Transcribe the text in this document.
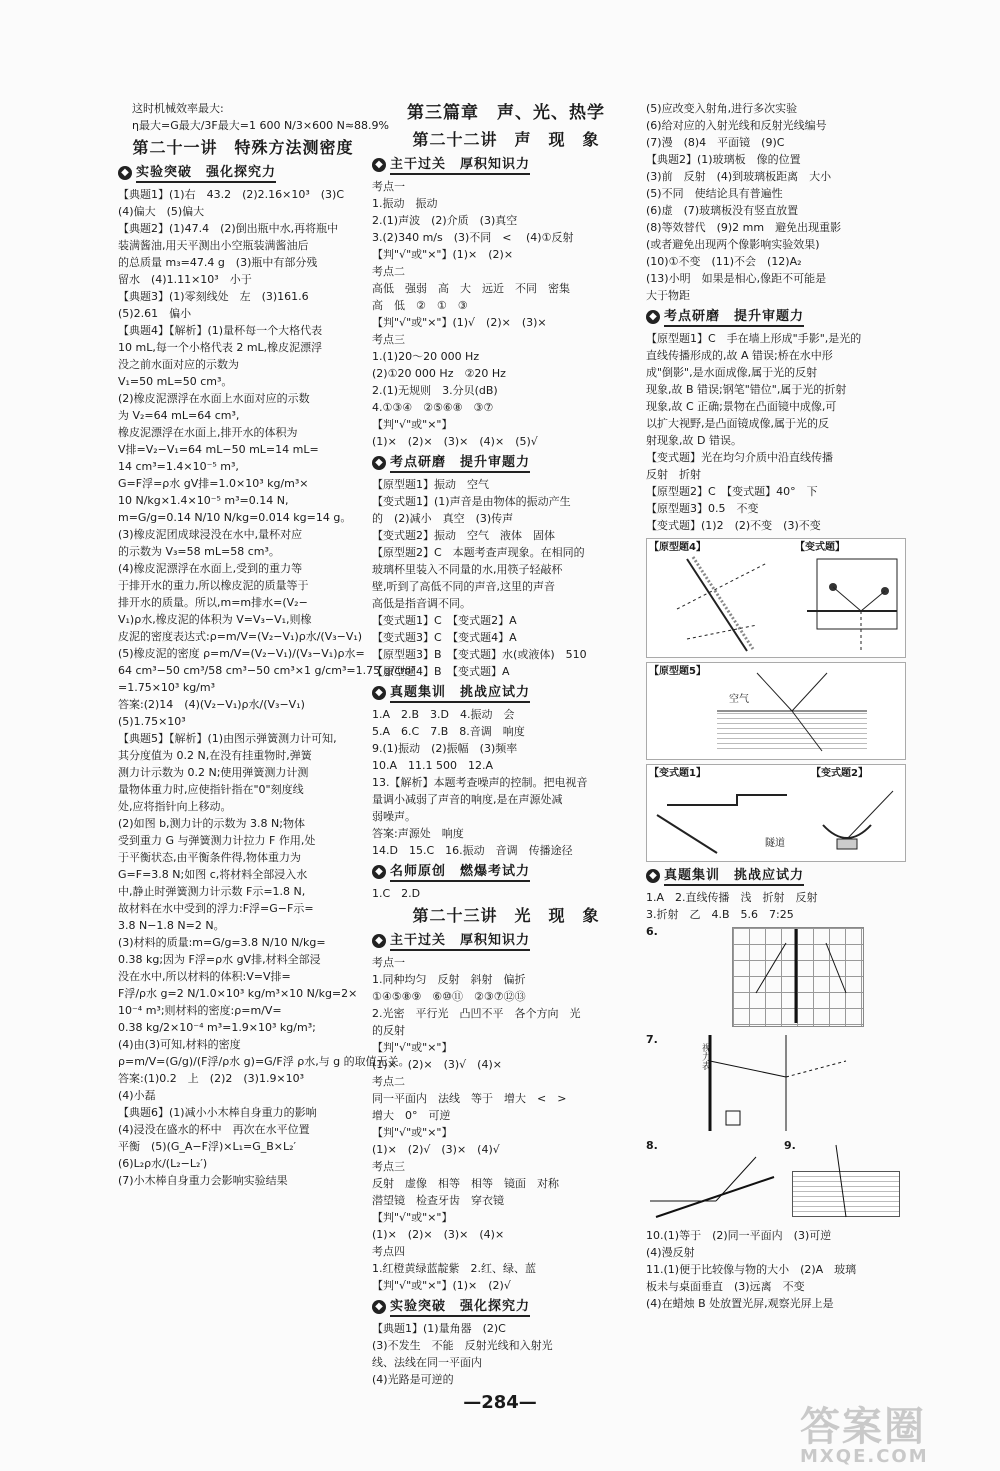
这时机械效率最大:
η最大=G最大/3F最大=1 600 N/3×600 N≈88.9%
第二十一讲　特殊方法测密度
◆ 实验突破　强化探究力
【典题1】(1)右　43.2　(2)2.16×10³　(3)C
(4)偏大　(5)偏大
【典题2】(1)47.4　(2)倒出瓶中水,再将瓶中
装满酱油,用天平测出小空瓶装满酱油后
的总质量 m₃=47.4 g　(3)瓶中有部分残
留水　(4)1.11×10³　小于
【典题3】(1)零刻线处　左　(3)161.6
(5)2.61　偏小
【典题4】【解析】(1)量杯每一个大格代表
10 mL,每一个小格代表 2 mL,橡皮泥漂浮
没之前水面对应的示数为
V₁=50 mL=50 cm³。
(2)橡皮泥漂浮在水面上水面对应的示数
为 V₂=64 mL=64 cm³,
橡皮泥漂浮在水面上,排开水的体积为
V排=V₂−V₁=64 mL−50 mL=14 mL=
14 cm³=1.4×10⁻⁵ m³,
G=F浮=ρ水 gV排=1.0×10³ kg/m³×
10 N/kg×1.4×10⁻⁵ m³=0.14 N,
m=G/g=0.14 N/10 N/kg=0.014 kg=14 g。
(3)橡皮泥团成球浸没在水中,量杯对应
的示数为 V₃=58 mL=58 cm³。
(4)橡皮泥漂浮在水面上,受到的重力等
于排开水的重力,所以橡皮泥的质量等于
排开水的质量。所以,m=m排水=(V₂−
V₁)ρ水,橡皮泥的体积为 V=V₃−V₁,则橡
皮泥的密度表达式:ρ=m/V=(V₂−V₁)ρ水/(V₃−V₁)
(5)橡皮泥的密度 ρ=m/V=(V₂−V₁)/(V₃−V₁)ρ水=
64 cm³−50 cm³/58 cm³−50 cm³×1 g/cm³=1.75 g/cm³
=1.75×10³ kg/m³
答案:(2)14　(4)(V₂−V₁)ρ水/(V₃−V₁)
(5)1.75×10³
【典题5】【解析】(1)由图示弹簧测力计可知,
其分度值为 0.2 N,在没有挂重物时,弹簧
测力计示数为 0.2 N;使用弹簧测力计测
量物体重力时,应使指针指在"0"刻度线
处,应将指针向上移动。
(2)如图 b,测力计的示数为 3.8 N;物体
受到重力 G 与弹簧测力计拉力 F 作用,处
于平衡状态,由平衡条件得,物体重力为
G=F=3.8 N;如图 c,将材料全部浸入水
中,静止时弹簧测力计示数 F示=1.8 N,
故材料在水中受到的浮力:F浮=G−F示=
3.8 N−1.8 N=2 N。
(3)材料的质量:m=G/g=3.8 N/10 N/kg=
0.38 kg;因为 F浮=ρ水 gV排,材料全部浸
没在水中,所以材料的体积:V=V排=
F浮/ρ水 g=2 N/1.0×10³ kg/m³×10 N/kg=2×
10⁻⁴ m³;则材料的密度:ρ=m/V=
0.38 kg/2×10⁻⁴ m³=1.9×10³ kg/m³;
(4)由(3)可知,材料的密度
ρ=m/V=(G/g)/(F浮/ρ水 g)=G/F浮 ρ水,与 g 的取值无关。
答案:(1)0.2　上　(2)2　(3)1.9×10³
(4)小磊
【典题6】(1)减小小木棒自身重力的影响
(4)浸没在盛水的杯中　再次在水平位置
平衡　(5)(G_A−F浮)×L₁=G_B×L₂′
(6)L₂ρ水/(L₂−L₂′)
(7)小木棒自身重力会影响实验结果
第三篇章　声、光、热学
第二十二讲　声　现　象
◆ 主干过关　厚积知识力
考点一
1.振动　振动
2.(1)声波　(2)介质　(3)真空
3.(2)340 m/s　(3)不同　< 　(4)①反射
【判"√"或"×"】(1)×　(2)×
考点二
高低　强弱　高　大　远近　不同　密集
高　低　②　①　③
【判"√"或"×"】(1)√　(2)×　(3)×
考点三
1.(1)20～20 000 Hz
(2)①20 000 Hz　②20 Hz
2.(1)无规则　3.分贝(dB)
4.①③④　②⑤⑥⑧　③⑦
【判"√"或"×"】
(1)×　(2)×　(3)×　(4)×　(5)√
◆ 考点研磨　提升审题力
【原型题1】振动　空气
【变式题1】(1)声音是由物体的振动产生
的　(2)减小　真空　(3)传声
【变式题2】振动　空气　液体　固体
【原型题2】C　本题考查声现象。在相同的
玻璃杯里装入不同量的水,用筷子轻敲杯
壁,听到了高低不同的声音,这里的声音
高低是指音调不同。
【变式题1】C　【变式题2】A
【变式题3】C　【变式题4】A
【原型题3】B　【变式题】水(或液体)　510
【原型题4】B　【变式题】A
◆ 真题集训　挑战应试力
1.A　2.B　3.D　4.振动　会
5.A　6.C　7.B　8.音调　响度
9.(1)振动　(2)振幅　(3)频率
10.A　11.1 500　12.A
13.【解析】本题考查噪声的控制。把电视音
量调小减弱了声音的响度,是在声源处减
弱噪声。
答案:声源处　响度
14.D　15.C　16.振动　音调　传播途径
◆ 名师原创　燃爆考试力
1.C　2.D
第二十三讲　光　现　象
◆ 主干过关　厚积知识力
考点一
1.同种均匀　反射　斜射　偏折
①④⑤⑧⑨　⑥⑩⑪　②③⑦⑫⑬
2.光密　平行光　凸凹不平　各个方向　光
的反射
【判"√"或"×"】
(1)×　(2)×　(3)√　(4)×
考点二
同一平面内　法线　等于　增大　<　>
增大　0°　可逆
【判"√"或"×"】
(1)×　(2)√　(3)×　(4)√
考点三
反射　虚像　相等　相等　镜面　对称
潜望镜　检查牙齿　穿衣镜
【判"√"或"×"】
(1)×　(2)×　(3)×　(4)×
考点四
1.红橙黄绿蓝靛紫　2.红、绿、蓝
【判"√"或"×"】(1)×　(2)√
◆ 实验突破　强化探究力
【典题1】(1)量角器　(2)C
(3)不发生　不能　反射光线和入射光
线、法线在同一平面内
(4)光路是可逆的
(5)应改变入射角,进行多次实验
(6)给对应的入射光线和反射光线编号
(7)漫　(8)4　平面镜　(9)C
【典题2】(1)玻璃板　像的位置
(3)前　反射　(4)到玻璃板距离　大小
(5)不同　使结论具有普遍性
(6)虚　(7)玻璃板没有竖直放置
(8)等效替代　(9)2 mm　避免出现重影
(或者避免出现两个像影响实验效果)
(10)①不变　(11)不会　(12)A₂
(13)小明　如果是相心,像距不可能是
大于物距
◆ 考点研磨　提升审题力
【原型题1】C　手在墙上形成"手影",是光的
直线传播形成的,故 A 错误;桥在水中形
成"倒影",是水面成像,属于光的反射
现象,故 B 错误;钢笔"错位",属于光的折射
现象,故 C 正确;景物在凸面镜中成像,可
以扩大视野,是凸面镜成像,属于光的反
射现象,故 D 错误。
【变式题】光在均匀介质中沿直线传播
反射　折射
【原型题2】C　【变式题】40°　下
【原型题3】0.5　不变
【变式题】(1)2　(2)不变　(3)不变
【原型题4】	【变式题】
【原型题5】
空气
【变式题1】	【变式题2】
隧道
◆ 真题集训　挑战应试力
1.A　2.直线传播　浅　折射　反射
3.折射　乙　4.B　5.6　7:25
6.
7.
视力表
8.	9.
10.(1)等于　(2)同一平面内　(3)可逆
(4)漫反射
11.(1)便于比较像与物的大小　(2)A　玻璃
板未与桌面垂直　(3)远离　不变
(4)在蜡烛 B 处放置光屏,观察光屏上是
—284—
答案圈
MXQE.COM
